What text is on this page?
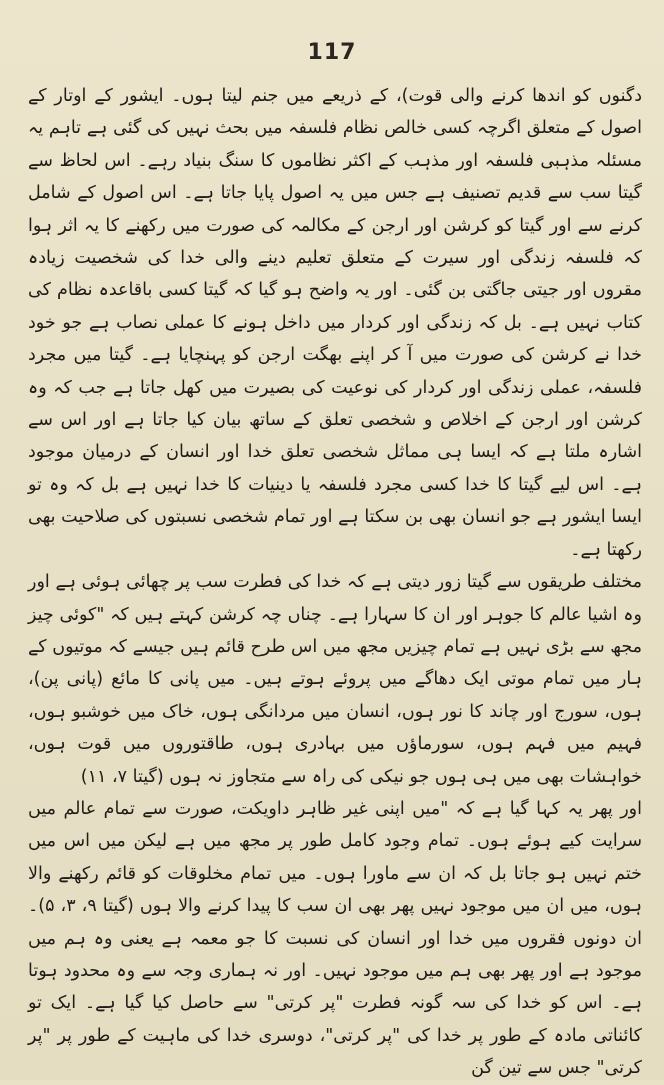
117

دگنوں کو اندھا کرنے والی قوت)، کے ذریعے میں جنم لیتا ہوں۔ ایشور کے اوتار کے اصول کے متعلق اگرچہ کسی خالص نظام فلسفہ میں بحث نہیں کی گئی ہے تاہم یہ مسئلہ مذہبی فلسفہ اور مذہب کے اکثر نظاموں کا سنگ بنیاد رہے۔ اس لحاظ سے گیتا سب سے قدیم تصنیف ہے جس میں یہ اصول پایا جاتا ہے۔ اس اصول کے شامل کرنے سے اور گیتا کو کرشن اور ارجن کے مکالمہ کی صورت میں رکھنے کا یہ اثر ہوا کہ فلسفہ زندگی اور سیرت کے متعلق تعلیم دینے والی خدا کی شخصیت زیادہ مقروں اور جیتی جاگتی بن گئی۔ اور یہ واضح ہو گیا کہ گیتا کسی باقاعدہ نظام کی کتاب نہیں ہے۔ بل کہ زندگی اور کردار میں داخل ہونے کا عملی نصاب ہے جو خود خدا نے کرشن کی صورت میں آ کر اپنے بھگت ارجن کو پہنچایا ہے۔ گیتا میں مجرد فلسفہ، عملی زندگی اور کردار کی نوعیت کی بصیرت میں کھل جاتا ہے جب کہ وہ کرشن اور ارجن کے اخلاص و شخصی تعلق کے ساتھ بیان کیا جاتا ہے اور اس سے اشارہ ملتا ہے کہ ایسا ہی مماثل شخصی تعلق خدا اور انسان کے درمیان موجود ہے۔ اس لیے گیتا کا خدا کسی مجرد فلسفہ یا دینیات کا خدا نہیں ہے بل کہ وہ تو ایسا ایشور ہے جو انسان بھی بن سکتا ہے اور تمام شخصی نسبتوں کی صلاحیت بھی رکھتا ہے۔

مختلف طریقوں سے گیتا زور دیتی ہے کہ خدا کی فطرت سب پر چھائی ہوئی ہے اور وہ اشیا عالم کا جوہر اور ان کا سہارا ہے۔ چناں چہ کرشن کہتے ہیں کہ "کوئی چیز مجھ سے بڑی نہیں ہے تمام چیزیں مجھ میں اس طرح قائم ہیں جیسے کہ موتیوں کے ہار میں تمام موتی ایک دھاگے میں پروئے ہوتے ہیں۔ میں پانی کا مائع (پانی پن)، ہوں، سورج اور چاند کا نور ہوں، انسان میں مردانگی ہوں، خاک میں خوشبو ہوں، فہیم میں فہم ہوں، سورماؤں میں بہادری ہوں، طاقتوروں میں قوت ہوں، خواہشات بھی میں ہی ہوں جو نیکی کی راہ سے متجاوز نہ ہوں (گیتا ۷، ۱۱)

اور پھر یہ کہا گیا ہے کہ "میں اپنی غیر ظاہر داویکت، صورت سے تمام عالم میں سرایت کیے ہوئے ہوں۔ تمام وجود کامل طور پر مجھ میں ہے لیکن میں اس میں ختم نہیں ہو جاتا بل کہ ان سے ماورا ہوں۔ میں تمام مخلوقات کو قائم رکھنے والا ہوں، میں ان میں موجود نہیں پھر بھی ان سب کا پیدا کرنے والا ہوں (گیتا ۹، ۳، ۵)۔ ان دونوں فقروں میں خدا اور انسان کی نسبت کا جو معمہ ہے یعنی وہ ہم میں موجود ہے اور پھر بھی ہم میں موجود نہیں۔ اور نہ ہماری وجہ سے وہ محدود ہوتا ہے۔ اس کو خدا کی سہ گونہ فطرت "پر کرتی" سے حاصل کیا گیا ہے۔ ایک تو کائناتی مادہ کے طور پر خدا کی "پر کرتی"، دوسری خدا کی ماہیت کے طور پر "پر کرتی" جس سے تین گن
